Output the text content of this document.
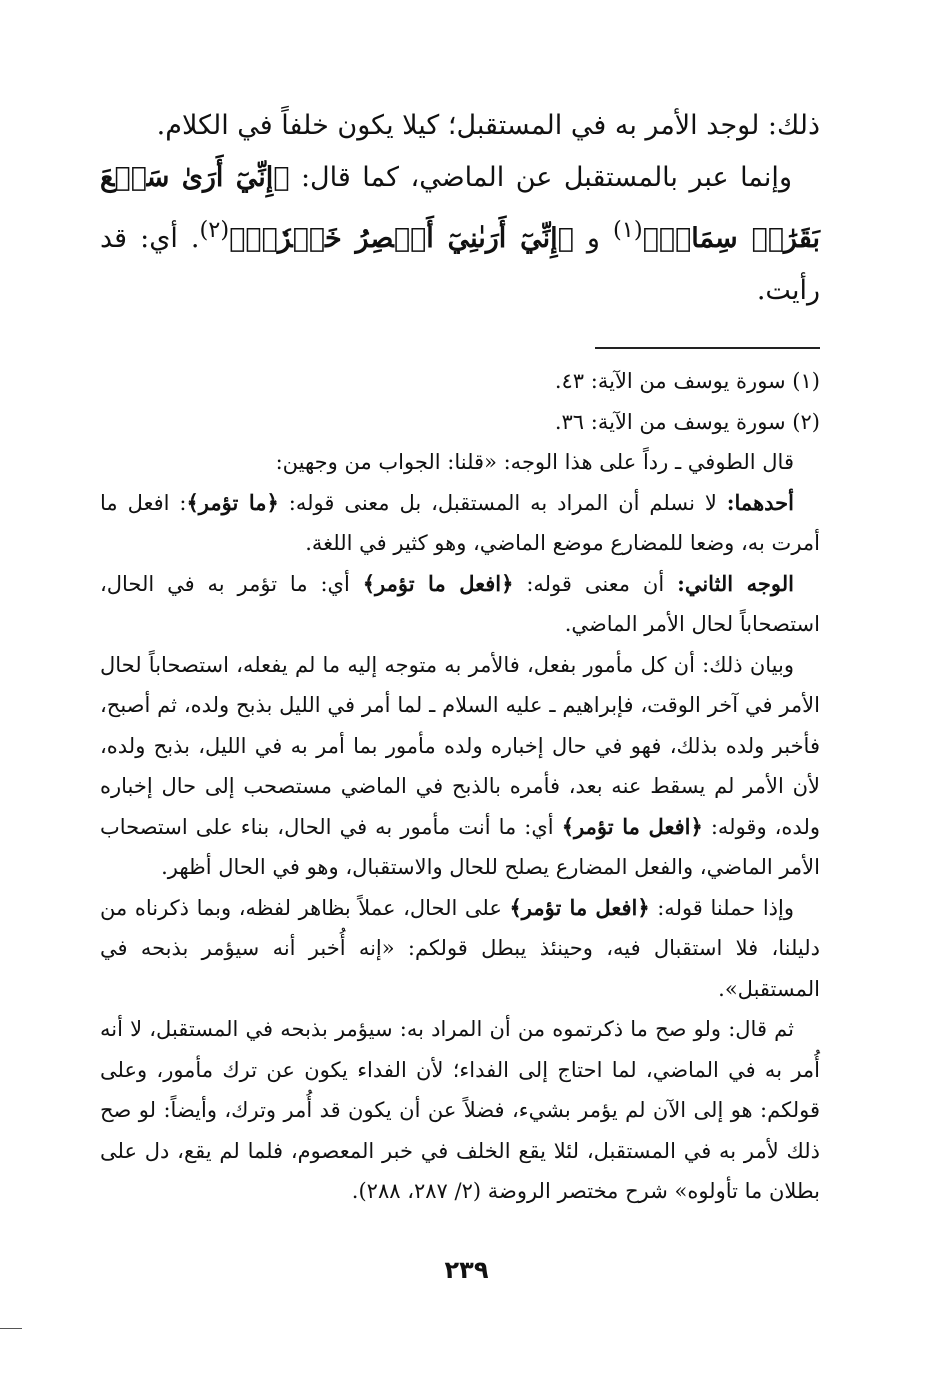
ذلك: لوجد الأمر به في المستقبل؛ كيلا يكون خلفاً في الكلام.

وإنما عبر بالمستقبل عن الماضي، كما قال: ﴿إِنِّيٓ أَرَىٰ سَبۡعَ بَقَرَٰتٖ سِمَانٖ﴾$^{(١)}$ و ﴿إِنِّيٓ أَرَىٰنِيٓ أَعۡصِرُ خَمۡرٗاۖ﴾$^{(٢)}$. أي: قد رأيت.

(١) سورة يوسف من الآية: ٤٣.

(٢) سورة يوسف من الآية: ٣٦.

قال الطوفي ـ رداً على هذا الوجه: «قلنا: الجواب من وجهين:

أحدهما: لا نسلم أن المراد به المستقبل، بل معنى قوله: ﴿ما تؤمر﴾: افعل ما أمرت به، وضعا للمضارع موضع الماضي، وهو كثير في اللغة.

الوجه الثاني: أن معنى قوله: ﴿افعل ما تؤمر﴾ أي: ما تؤمر به في الحال، استصحاباً لحال الأمر الماضي.

وبيان ذلك: أن كل مأمور بفعل، فالأمر به متوجه إليه ما لم يفعله، استصحاباً لحال الأمر في آخر الوقت، فإبراهيم ـ عليه السلام ـ لما أمر في الليل بذبح ولده، ثم أصبح، فأخبر ولده بذلك، فهو في حال إخباره ولده مأمور بما أمر به في الليل، بذبح ولده، لأن الأمر لم يسقط عنه بعد، فأمره بالذبح في الماضي مستصحب إلى حال إخباره ولده، وقوله: ﴿افعل ما تؤمر﴾ أي: ما أنت مأمور به في الحال، بناء على استصحاب الأمر الماضي، والفعل المضارع يصلح للحال والاستقبال، وهو في الحال أظهر.

وإذا حملنا قوله: ﴿افعل ما تؤمر﴾ على الحال، عملاً بظاهر لفظه، وبما ذكرناه من دليلنا، فلا استقبال فيه، وحينئذ يبطل قولكم: «إنه أُخبر أنه سيؤمر بذبحه في المستقبل».

ثم قال: ولو صح ما ذكرتموه من أن المراد به: سيؤمر بذبحه في المستقبل، لا أنه أُمر به في الماضي، لما احتاج إلى الفداء؛ لأن الفداء يكون عن ترك مأمور، وعلى قولكم: هو إلى الآن لم يؤمر بشيء، فضلاً عن أن يكون قد أُمر وترك، وأيضاً: لو صح ذلك لأمر به في المستقبل، لئلا يقع الخلف في خبر المعصوم، فلما لم يقع، دل على بطلان ما تأولوه» شرح مختصر الروضة (٢/ ٢٨٧، ٢٨٨).

٢٣٩
